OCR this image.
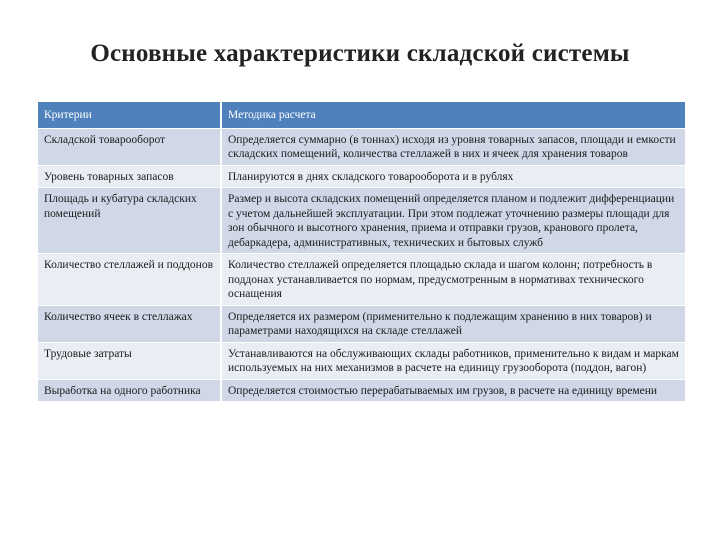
Основные характеристики складской системы
Критерии	Методика расчета
Складской товарооборот	Определяется суммарно (в тоннах) исходя из уровня товарных запасов, площади и емкости складских помещений, количества стеллажей в них и ячеек для хранения товаров
Уровень товарных запасов	Планируются в днях складского товарооборота и в рублях
Площадь и кубатура складских помещений	Размер и высота складских помещений определяется планом и подлежит дифференциации с учетом дальнейшей эксплуатации. При этом подлежат уточнению размеры площади для зон обычного и высотного хранения, приема и отправки грузов, кранового пролета, дебаркадера, административных, технических и бытовых служб
Количество стеллажей и поддонов	Количество стеллажей определяется площадью склада и шагом колонн; потребность в поддонах устанавливается по нормам, предусмотренным в нормативах технического оснащения
Количество ячеек в стеллажах	Определяется их размером (применительно к подлежащим хранению в них товаров) и параметрами находящихся на складе стеллажей
Трудовые затраты	Устанавливаются на обслуживающих склады работников, применительно к видам и маркам используемых на них механизмов в расчете на единицу грузооборота (поддон, вагон)
Выработка на одного работника	Определяется стоимостью перерабатываемых им грузов, в расчете на единицу времени
